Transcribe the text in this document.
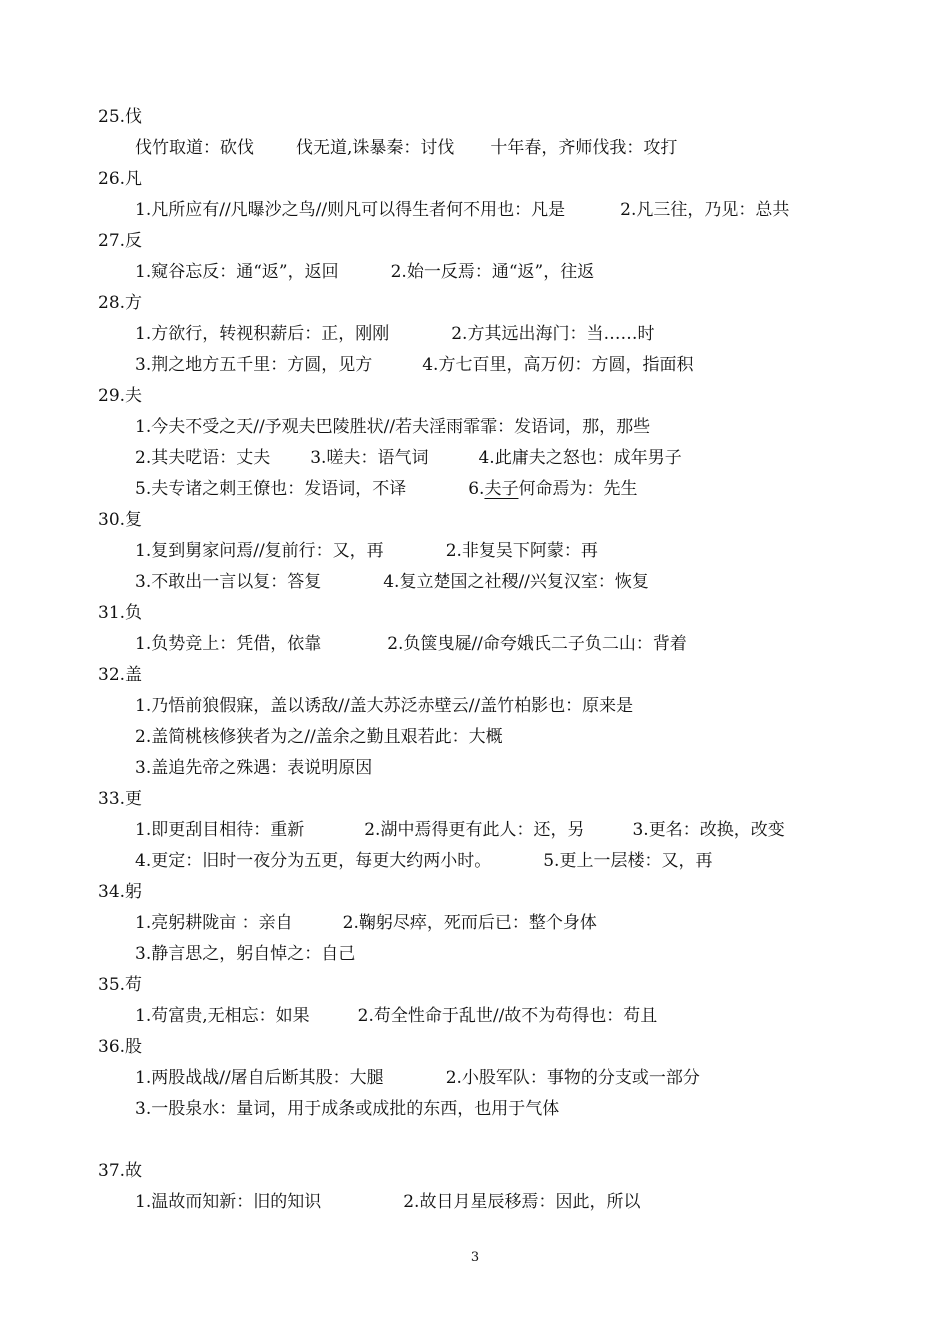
25.伐
伐竹取道：砍伐 伐无道,诛暴秦：讨伐 十年春，齐师伐我：攻打
26.凡
1.凡所应有//凡曝沙之鸟//则凡可以得生者何不用也：凡是	2.凡三往，乃见：总共
27.反
1.窥谷忘反：通“返”，返回	2.始一反焉：通“返”，往返
28.方
1.方欲行，转视积薪后：正，刚刚	2.方其远出海门：当……时
3.荆之地方五千里：方圆，见方	4.方七百里，高万仞：方圆，指面积
29.夫
1.今夫不受之天//予观夫巴陵胜状//若夫淫雨霏霏：发语词，那，那些
2.其夫呓语：丈夫 3.嗟夫：语气词	4.此庸夫之怒也：成年男子
5.夫专诸之刺王僚也：发语词，不译	6.夫子何命焉为：先生
30.复
1.复到舅家问焉//复前行：又，再	2.非复吴下阿蒙：再
3.不敢出一言以复：答复	4.复立楚国之社稷//兴复汉室：恢复
31.负
1.负势竞上：凭借，依靠	2.负箧曳屣//命夸娥氏二子负二山：背着
32.盖
1.乃悟前狼假寐，盖以诱敌//盖大苏泛赤壁云//盖竹柏影也：原来是
2.盖简桃核修狭者为之//盖余之勤且艰若此：大概
3.盖追先帝之殊遇：表说明原因
33.更
1.即更刮目相待：重新	2.湖中焉得更有此人：还，另	3.更名：改换，改变
4.更定：旧时一夜分为五更，每更大约两小时。	5.更上一层楼：又，再
34.躬
1.亮躬耕陇亩 ：亲自	2.鞠躬尽瘁，死而后已：整个身体
3.静言思之，躬自悼之：自己
35.苟
1.苟富贵,无相忘：如果	2.苟全性命于乱世//故不为苟得也：苟且
36.股
1.两股战战//屠自后断其股：大腿	2.小股军队：事物的分支或一部分
3.一股泉水：量词，用于成条或成批的东西，也用于气体
37.故
1.温故而知新：旧的知识	2.故日月星辰移焉：因此，所以
3
